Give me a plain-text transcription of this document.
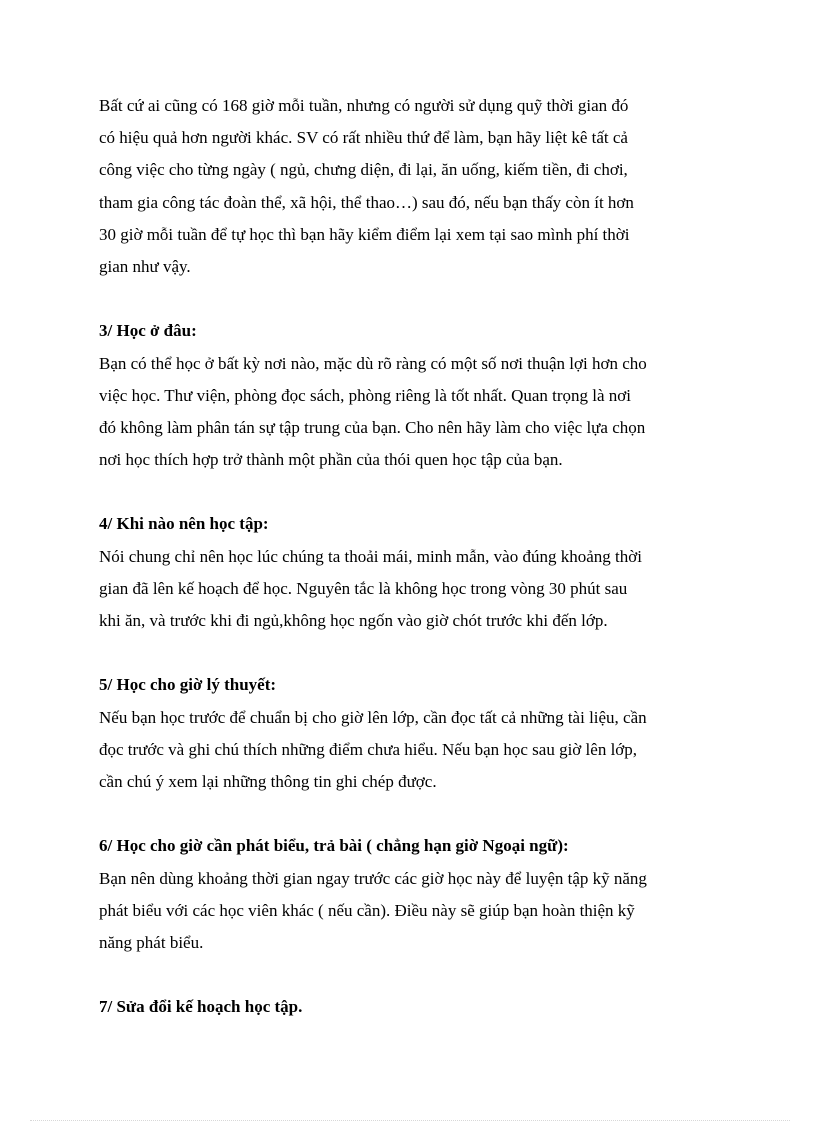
Bất cứ ai cũng có 168 giờ mỗi tuần, nhưng có người sử dụng quỹ thời gian đó
có hiệu quả hơn người khác. SV có rất nhiều thứ để làm, bạn hãy liệt kê tất cả
công việc cho từng ngày ( ngủ, chưng diện, đi lại, ăn uống, kiếm tiền, đi chơi,
tham gia công tác đoàn thể, xã hội, thể thao…) sau đó, nếu bạn thấy còn ít hơn
30 giờ mỗi tuần để tự học thì bạn hãy kiểm điểm lại xem tại sao mình phí thời
gian như vậy.
3/ Học ở đâu:
Bạn có thể học ở bất kỳ nơi nào, mặc dù rõ ràng có một số nơi thuận lợi hơn cho
việc học. Thư viện, phòng đọc sách, phòng riêng là tốt nhất. Quan trọng là nơi
đó không làm phân tán sự tập trung của bạn. Cho nên hãy làm cho việc lựa chọn
nơi học thích hợp trở thành một phần của thói quen học tập của bạn.
4/ Khi nào nên học tập:
Nói chung chỉ nên học lúc chúng ta thoải mái, minh mẫn, vào đúng khoảng thời
gian đã lên kế hoạch để học. Nguyên tắc là không học trong vòng 30 phút sau
khi ăn, và trước khi đi ngủ,không học ngốn vào giờ chót trước khi đến lớp.
5/ Học cho giờ lý thuyết:
Nếu bạn học trước để chuẩn bị cho giờ lên lớp, cần đọc tất cả những tài liệu, cần
đọc trước và ghi chú thích những điểm chưa hiểu. Nếu bạn học sau giờ lên lớp,
cần chú ý xem lại những thông tin ghi chép được.
6/ Học cho giờ cần phát biểu, trả bài ( chẳng hạn giờ Ngoại ngữ):
Bạn nên dùng khoảng thời gian ngay trước các giờ học này để luyện tập kỹ năng
phát biểu với các học viên khác ( nếu cần). Điều này sẽ giúp bạn hoàn thiện kỹ
năng phát biểu.
7/ Sửa đổi kế hoạch học tập.
